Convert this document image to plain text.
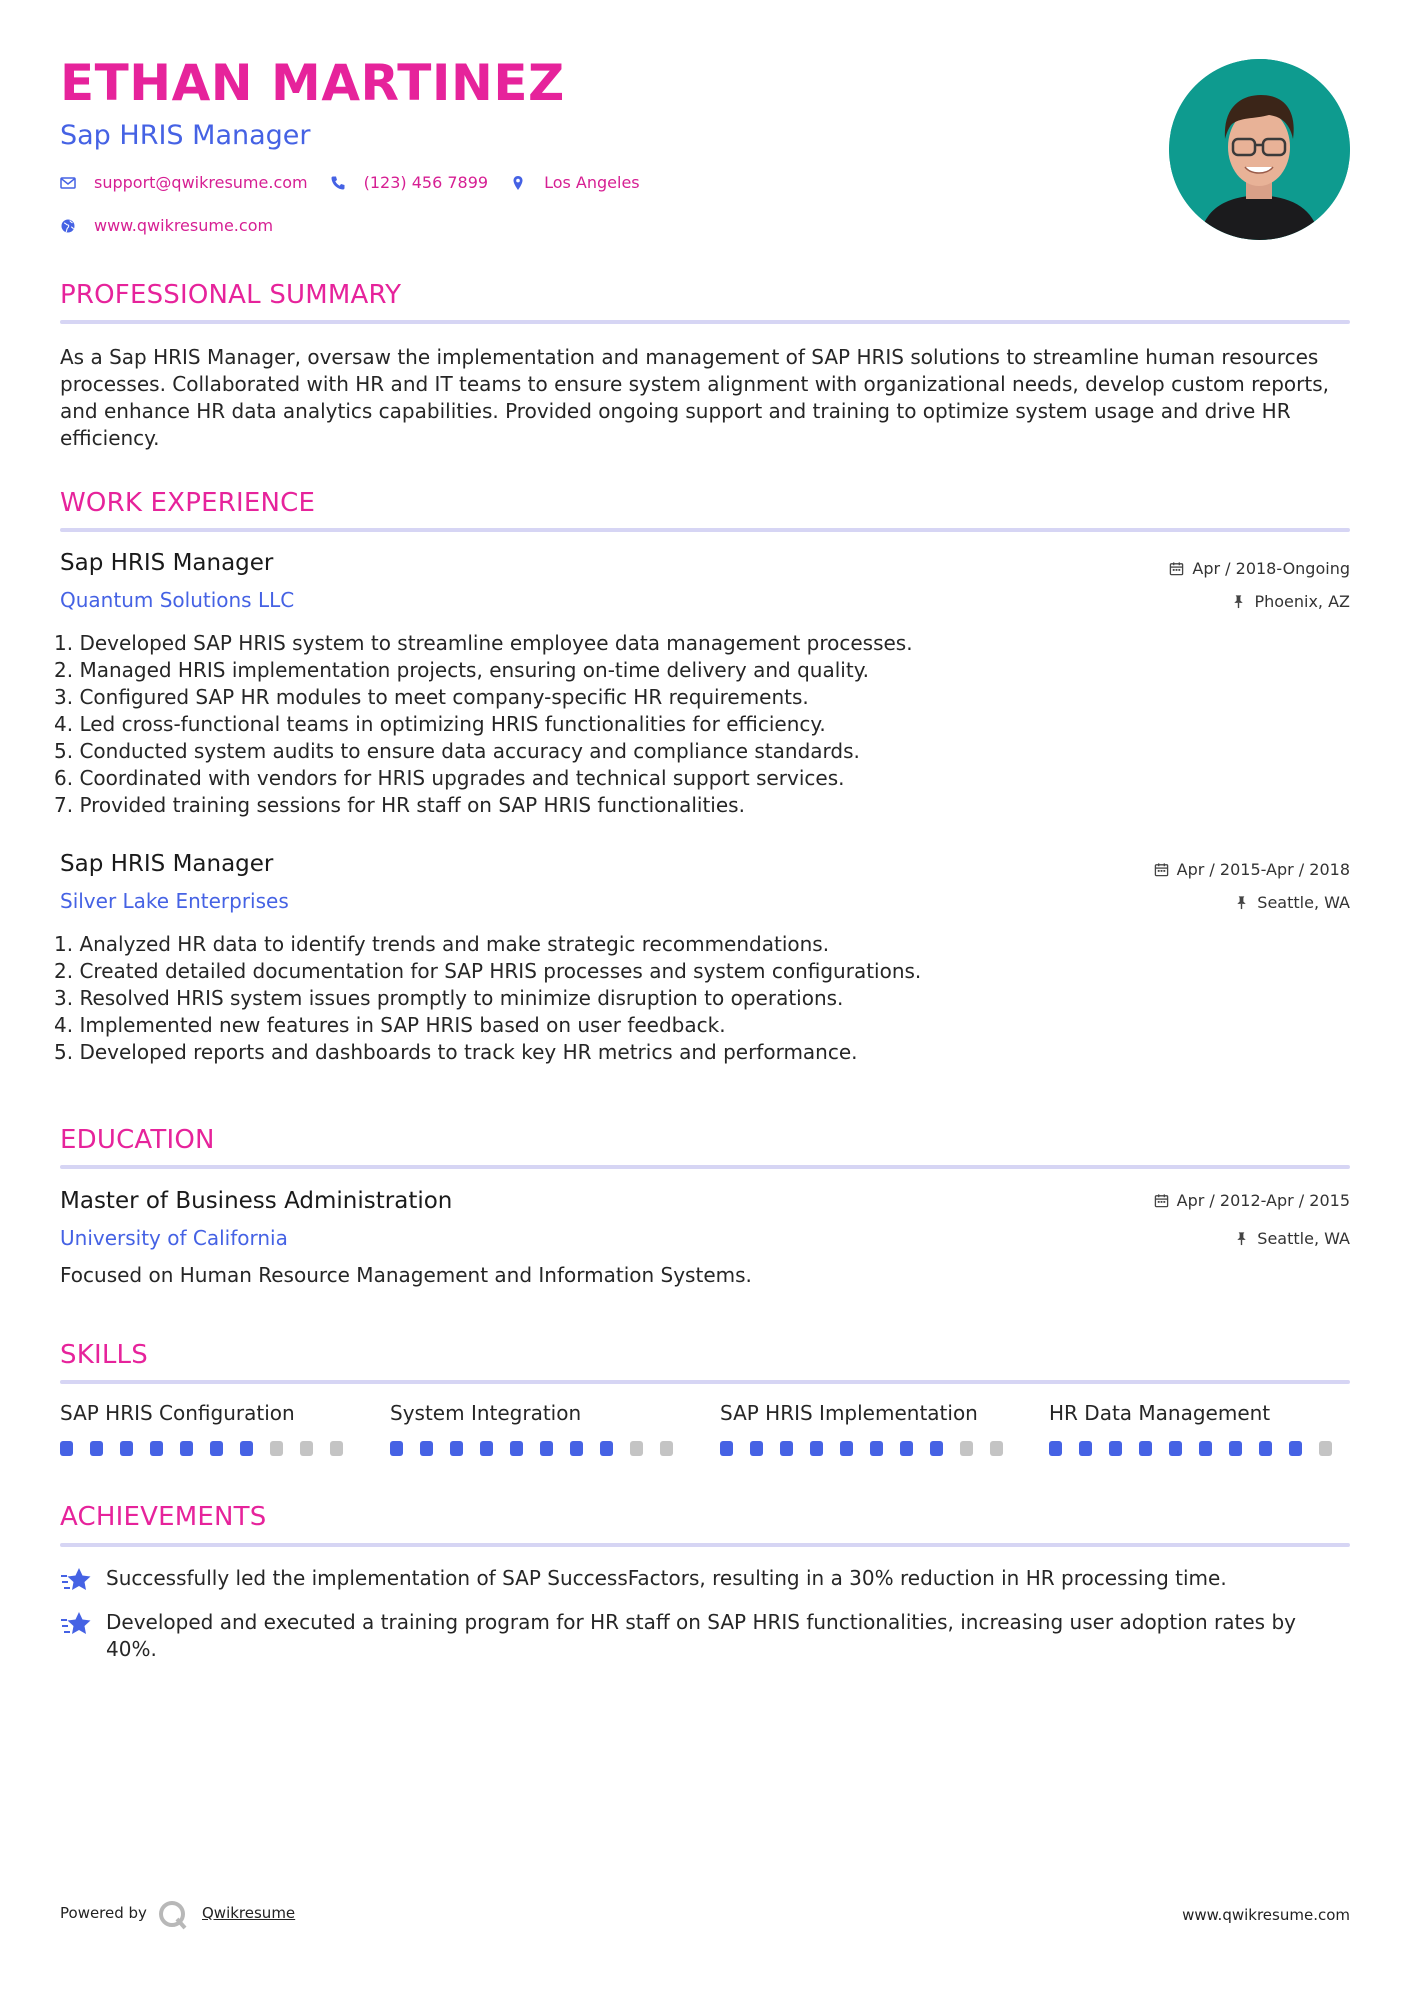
ETHAN MARTINEZ
Sap HRIS Manager
support@qwikresume.com	(123) 456 7899	Los Angeles
www.qwikresume.com
PROFESSIONAL SUMMARY
As a Sap HRIS Manager, oversaw the implementation and management of SAP HRIS solutions to streamline human resources processes. Collaborated with HR and IT teams to ensure system alignment with organizational needs, develop custom reports, and enhance HR data analytics capabilities. Provided ongoing support and training to optimize system usage and drive HR efficiency.
WORK EXPERIENCE
Sap HRIS Manager
Quantum Solutions LLC
Apr / 2018-Ongoing
Phoenix, AZ
1. Developed SAP HRIS system to streamline employee data management processes.
2. Managed HRIS implementation projects, ensuring on-time delivery and quality.
3. Configured SAP HR modules to meet company-specific HR requirements.
4. Led cross-functional teams in optimizing HRIS functionalities for efficiency.
5. Conducted system audits to ensure data accuracy and compliance standards.
6. Coordinated with vendors for HRIS upgrades and technical support services.
7. Provided training sessions for HR staff on SAP HRIS functionalities.
Sap HRIS Manager
Silver Lake Enterprises
Apr / 2015-Apr / 2018
Seattle, WA
1. Analyzed HR data to identify trends and make strategic recommendations.
2. Created detailed documentation for SAP HRIS processes and system configurations.
3. Resolved HRIS system issues promptly to minimize disruption to operations.
4. Implemented new features in SAP HRIS based on user feedback.
5. Developed reports and dashboards to track key HR metrics and performance.
EDUCATION
Master of Business Administration
University of California
Apr / 2012-Apr / 2015
Seattle, WA
Focused on Human Resource Management and Information Systems.
SKILLS
SAP HRIS Configuration	System Integration	SAP HRIS Implementation	HR Data Management
ACHIEVEMENTS
Successfully led the implementation of SAP SuccessFactors, resulting in a 30% reduction in HR processing time.
Developed and executed a training program for HR staff on SAP HRIS functionalities, increasing user adoption rates by 40%.
Powered by	Qwikresume	www.qwikresume.com
